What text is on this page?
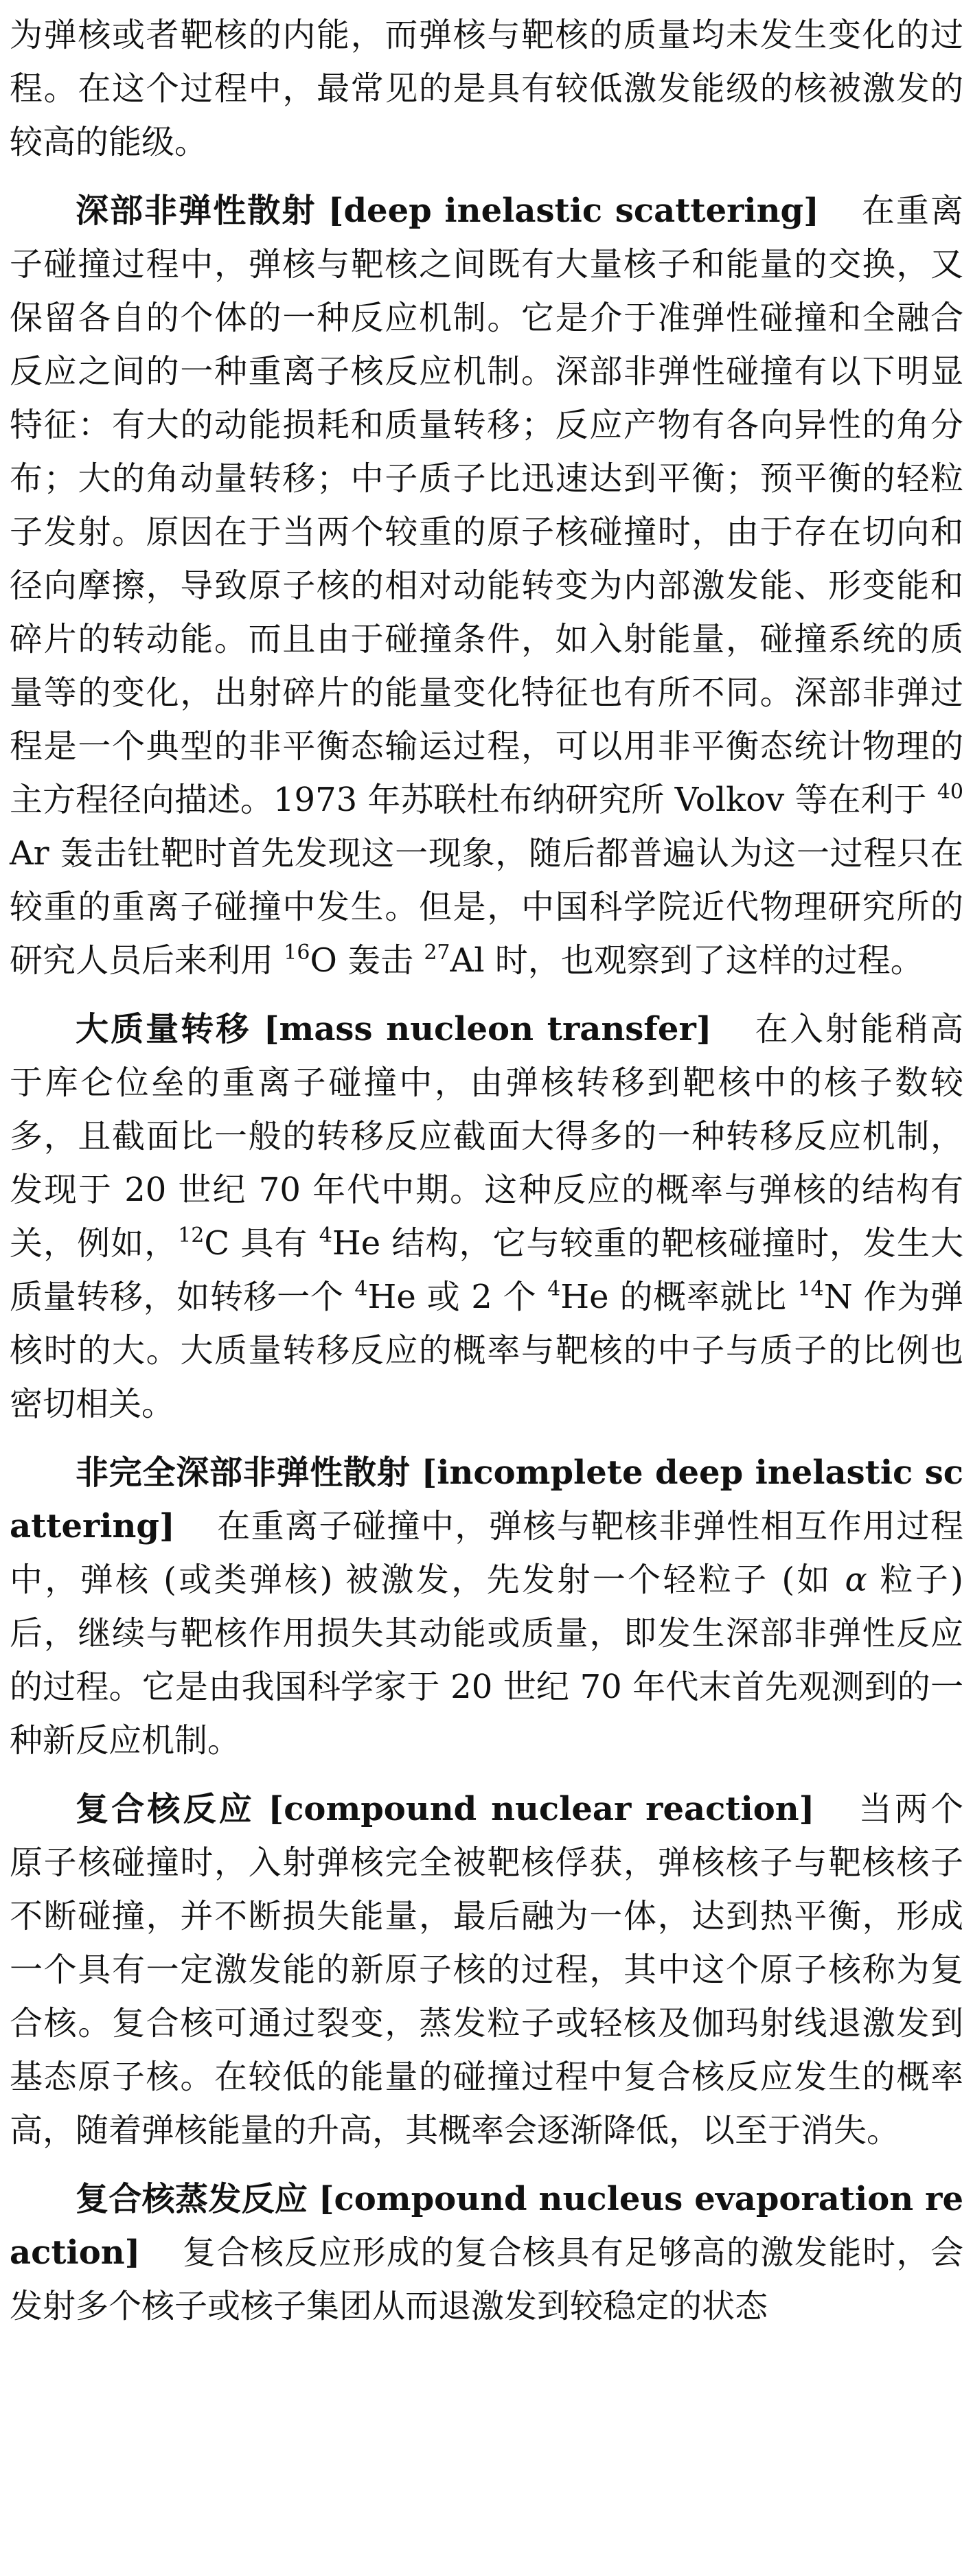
为弹核或者靶核的内能，而弹核与靶核的质量均未发生变化的过程。在这个过程中，最常见的是具有较低激发能级的核被激发的较高的能级。

深部非弹性散射 [deep inelastic scattering] 在重离子碰撞过程中，弹核与靶核之间既有大量核子和能量的交换，又保留各自的个体的一种反应机制。它是介于准弹性碰撞和全融合反应之间的一种重离子核反应机制。深部非弹性碰撞有以下明显特征：有大的动能损耗和质量转移；反应产物有各向异性的角分布；大的角动量转移；中子质子比迅速达到平衡；预平衡的轻粒子发射。原因在于当两个较重的原子核碰撞时，由于存在切向和径向摩擦，导致原子核的相对动能转变为内部激发能、形变能和碎片的转动能。而且由于碰撞条件，如入射能量，碰撞系统的质量等的变化，出射碎片的能量变化特征也有所不同。深部非弹过程是一个典型的非平衡态输运过程，可以用非平衡态统计物理的主方程径向描述。1973 年苏联杜布纳研究所 Volkov 等在利于 $^{40}$Ar 轰击钍靶时首先发现这一现象，随后都普遍认为这一过程只在较重的重离子碰撞中发生。但是，中国科学院近代物理研究所的研究人员后来利用 $^{16}$O 轰击 $^{27}$Al 时，也观察到了这样的过程。

大质量转移 [mass nucleon transfer] 在入射能稍高于库仑位垒的重离子碰撞中，由弹核转移到靶核中的核子数较多，且截面比一般的转移反应截面大得多的一种转移反应机制，发现于 20 世纪 70 年代中期。这种反应的概率与弹核的结构有关，例如，$^{12}$C 具有 $^4$He 结构，它与较重的靶核碰撞时，发生大质量转移，如转移一个 $^4$He 或 2 个 $^4$He 的概率就比 $^{14}$N 作为弹核时的大。大质量转移反应的概率与靶核的中子与质子的比例也密切相关。

非完全深部非弹性散射 [incomplete deep inelastic scattering] 在重离子碰撞中，弹核与靶核非弹性相互作用过程中，弹核 (或类弹核) 被激发，先发射一个轻粒子 (如 α 粒子) 后，继续与靶核作用损失其动能或质量，即发生深部非弹性反应的过程。它是由我国科学家于 20 世纪 70 年代末首先观测到的一种新反应机制。

复合核反应 [compound nuclear reaction] 当两个原子核碰撞时，入射弹核完全被靶核俘获，弹核核子与靶核核子不断碰撞，并不断损失能量，最后融为一体，达到热平衡，形成一个具有一定激发能的新原子核的过程，其中这个原子核称为复合核。复合核可通过裂变，蒸发粒子或轻核及伽玛射线退激发到基态原子核。在较低的能量的碰撞过程中复合核反应发生的概率高，随着弹核能量的升高，其概率会逐渐降低，以至于消失。

复合核蒸发反应 [compound nucleus evaporation reaction] 复合核反应形成的复合核具有足够高的激发能时，会发射多个核子或核子集团从而退激发到较稳定的状态
